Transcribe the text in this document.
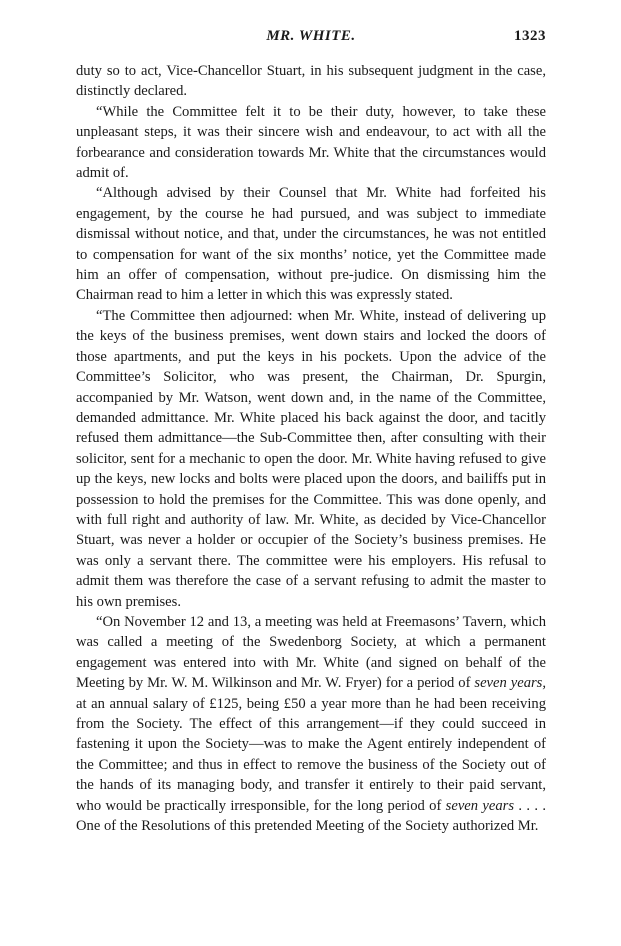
MR. WHITE.	1323

duty so to act, Vice-Chancellor Stuart, in his subsequent judgment in the case, distinctly declared.

“While the Committee felt it to be their duty, however, to take these unpleasant steps, it was their sincere wish and endeavour, to act with all the forbearance and consideration towards Mr. White that the circumstances would admit of.

“Although advised by their Counsel that Mr. White had forfeited his engagement, by the course he had pursued, and was subject to immediate dismissal without notice, and that, under the circumstances, he was not entitled to compensation for want of the six months’ notice, yet the Committee made him an offer of compensation, without pre-judice. On dismissing him the Chairman read to him a letter in which this was expressly stated.

“The Committee then adjourned: when Mr. White, instead of delivering up the keys of the business premises, went down stairs and locked the doors of those apartments, and put the keys in his pockets. Upon the advice of the Committee’s Solicitor, who was present, the Chairman, Dr. Spurgin, accompanied by Mr. Watson, went down and, in the name of the Committee, demanded admittance. Mr. White placed his back against the door, and tacitly refused them admittance—the Sub-Committee then, after consulting with their solicitor, sent for a mechanic to open the door. Mr. White having refused to give up the keys, new locks and bolts were placed upon the doors, and bailiffs put in possession to hold the premises for the Committee. This was done openly, and with full right and authority of law. Mr. White, as decided by Vice-Chancellor Stuart, was never a holder or occupier of the Society’s business premises. He was only a servant there. The committee were his employers. His refusal to admit them was therefore the case of a servant refusing to admit the master to his own premises.

“On November 12 and 13, a meeting was held at Freemasons’ Tavern, which was called a meeting of the Swedenborg Society, at which a permanent engagement was entered into with Mr. White (and signed on behalf of the Meeting by Mr. W. M. Wilkinson and Mr. W. Fryer) for a period of seven years, at an annual salary of £125, being £50 a year more than he had been receiving from the Society. The effect of this arrangement—if they could succeed in fastening it upon the Society—was to make the Agent entirely independent of the Committee; and thus in effect to remove the business of the Society out of the hands of its managing body, and transfer it entirely to their paid servant, who would be practically irresponsible, for the long period of seven years . . . . One of the Resolutions of this pretended Meeting of the Society authorized Mr.
